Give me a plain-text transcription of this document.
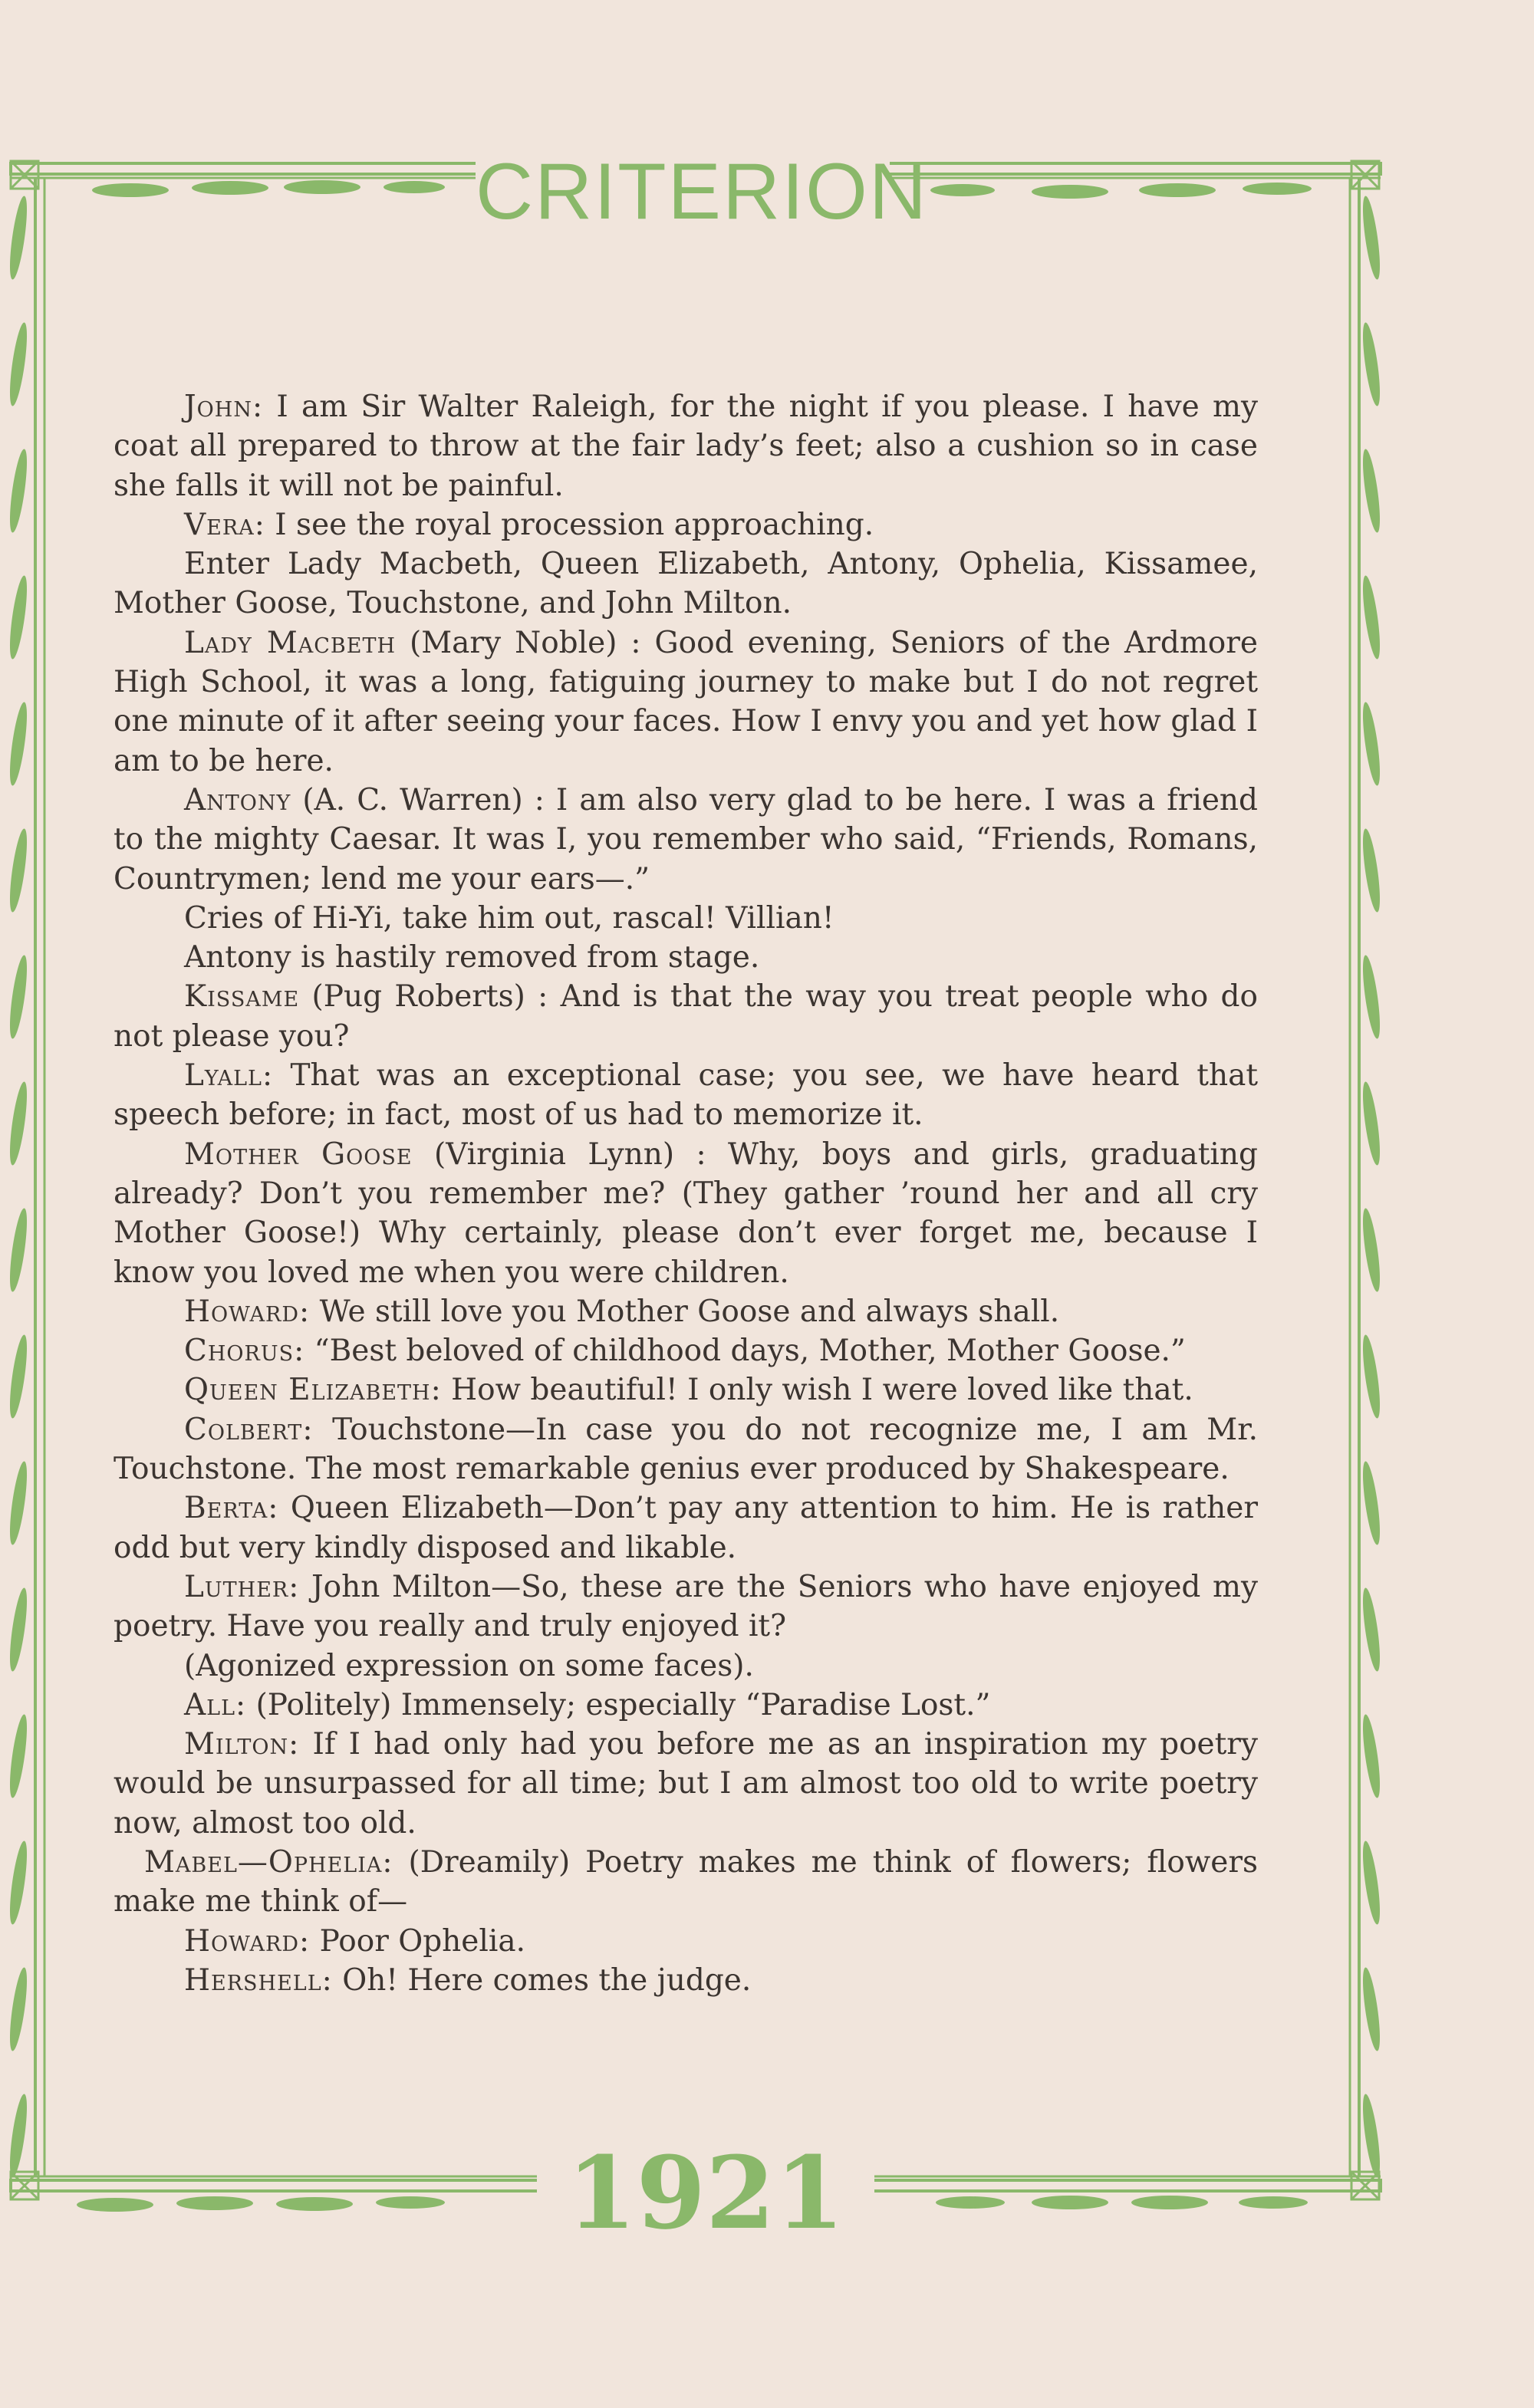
CRITERION
1921

John: I am Sir Walter Raleigh, for the night if you please. I have my coat all prepared to throw at the fair lady’s feet; also a cushion so in case she falls it will not be painful.

Vera: I see the royal procession approaching.

Enter Lady Macbeth, Queen Elizabeth, Antony, Ophelia, Kissamee, Mother Goose, Touchstone, and John Milton.

Lady Macbeth (Mary Noble) : Good evening, Seniors of the Ardmore High School, it was a long, fatiguing journey to make but I do not regret one minute of it after seeing your faces. How I envy you and yet how glad I am to be here.

Antony (A. C. Warren) : I am also very glad to be here. I was a friend to the mighty Caesar. It was I, you remember who said, “Friends, Romans, Countrymen; lend me your ears—.”

Cries of Hi-Yi, take him out, rascal! Villian!

Antony is hastily removed from stage.

Kissame (Pug Roberts) : And is that the way you treat people who do not please you?

Lyall: That was an exceptional case; you see, we have heard that speech before; in fact, most of us had to memorize it.

Mother Goose (Virginia Lynn) : Why, boys and girls, graduating already? Don’t you remember me? (They gather ’round her and all cry Mother Goose!) Why certainly, please don’t ever forget me, because I know you loved me when you were children.

Howard: We still love you Mother Goose and always shall.

Chorus: “Best beloved of childhood days, Mother, Mother Goose.”

Queen Elizabeth: How beautiful! I only wish I were loved like that.

Colbert: Touchstone—In case you do not recognize me, I am Mr. Touchstone. The most remarkable genius ever produced by Shakespeare.

Berta: Queen Elizabeth—Don’t pay any attention to him. He is rather odd but very kindly disposed and likable.

Luther: John Milton—So, these are the Seniors who have enjoyed my poetry. Have you really and truly enjoyed it?

(Agonized expression on some faces).

All: (Politely) Immensely; especially “Paradise Lost.”

Milton: If I had only had you before me as an inspiration my poetry would be unsurpassed for all time; but I am almost too old to write poetry now, almost too old.

Mabel—Ophelia: (Dreamily) Poetry makes me think of flowers; flowers make me think of—

Howard: Poor Ophelia.

Hershell: Oh! Here comes the judge.
